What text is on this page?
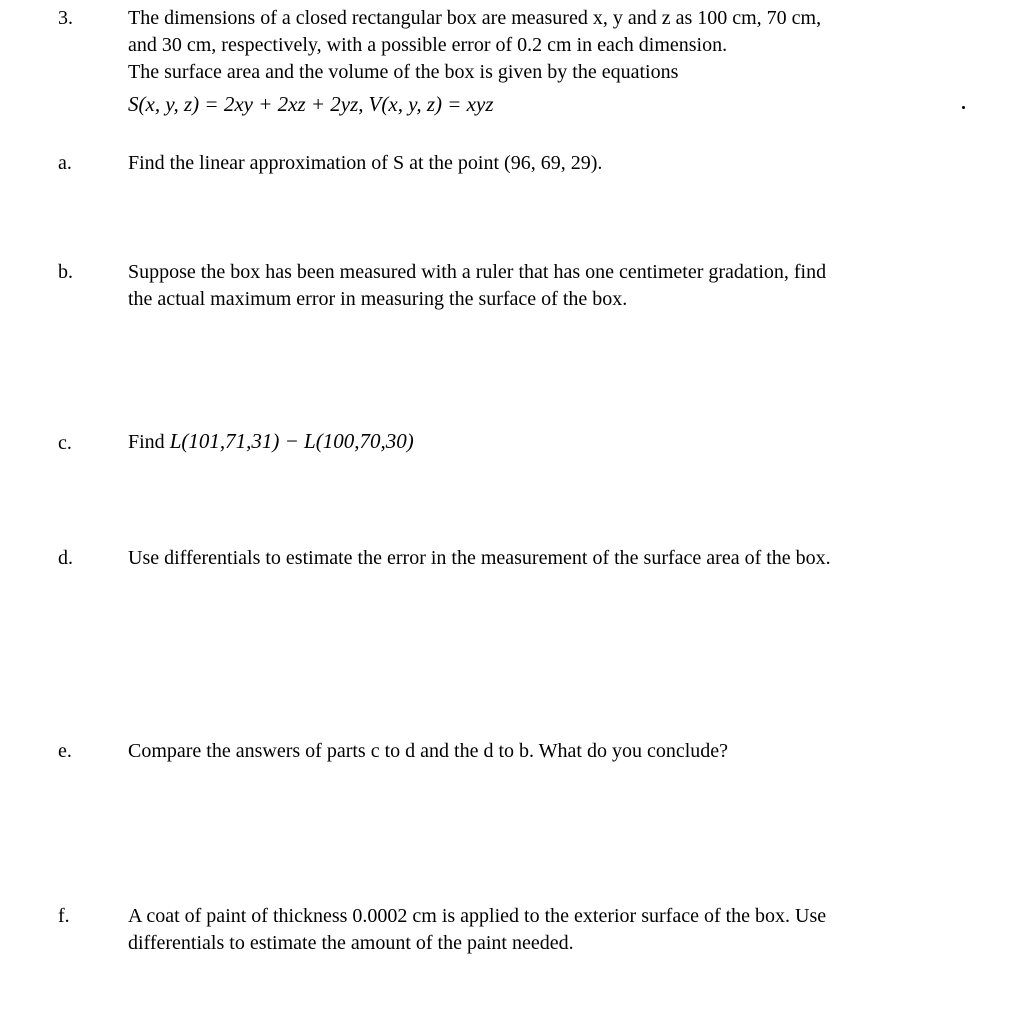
3.	The dimensions of a closed rectangular box are measured x, y and z as 100 cm, 70 cm,
and 30 cm, respectively, with a possible error of 0.2 cm in each dimension.
The surface area and the volume of the box is given by the equations
S(x, y, z) = 2xy + 2xz + 2yz, V(x, y, z) = xyz
a.	Find the linear approximation of S at the point (96, 69, 29).
b.	Suppose the box has been measured with a ruler that has one centimeter gradation, find
the actual maximum error in measuring the surface of the box.
c.	Find L(101,71,31) − L(100,70,30)
d.	Use differentials to estimate the error in the measurement of the surface area of the box.
e.	Compare the answers of parts c to d and the d to b. What do you conclude?
f.	A coat of paint of thickness 0.0002 cm is applied to the exterior surface of the box. Use
differentials to estimate the amount of the paint needed.
